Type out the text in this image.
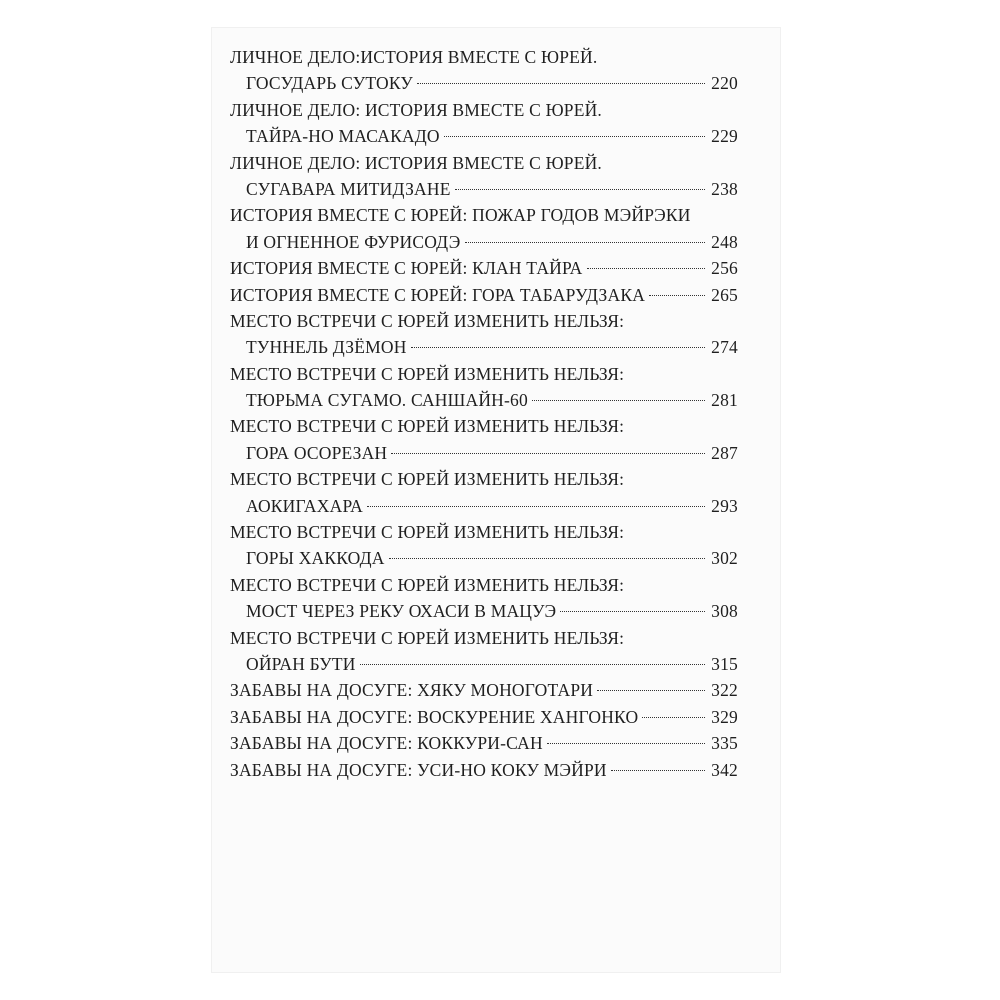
ЛИЧНОЕ ДЕЛО:ИСТОРИЯ ВМЕСТЕ С ЮРЕЙ.
ГОСУДАРЬ СУТОКУ	220
ЛИЧНОЕ ДЕЛО: ИСТОРИЯ ВМЕСТЕ С ЮРЕЙ.
ТАЙРА-НО МАСАКАДО	229
ЛИЧНОЕ ДЕЛО: ИСТОРИЯ ВМЕСТЕ С ЮРЕЙ.
СУГАВАРА МИТИДЗАНЕ	238
ИСТОРИЯ ВМЕСТЕ С ЮРЕЙ: ПОЖАР ГОДОВ МЭЙРЭКИ
И ОГНЕННОЕ ФУРИСОДЭ	248
ИСТОРИЯ ВМЕСТЕ С ЮРЕЙ: КЛАН ТАЙРА	256
ИСТОРИЯ ВМЕСТЕ С ЮРЕЙ: ГОРА ТАБАРУДЗАКА	265
МЕСТО ВСТРЕЧИ С ЮРЕЙ ИЗМЕНИТЬ НЕЛЬЗЯ:
ТУННЕЛЬ ДЗЁМОН	274
МЕСТО ВСТРЕЧИ С ЮРЕЙ ИЗМЕНИТЬ НЕЛЬЗЯ:
ТЮРЬМА СУГАМО. САНШАЙН-60	281
МЕСТО ВСТРЕЧИ С ЮРЕЙ ИЗМЕНИТЬ НЕЛЬЗЯ:
ГОРА ОСОРЕЗАН	287
МЕСТО ВСТРЕЧИ С ЮРЕЙ ИЗМЕНИТЬ НЕЛЬЗЯ:
АОКИГАХАРА	293
МЕСТО ВСТРЕЧИ С ЮРЕЙ ИЗМЕНИТЬ НЕЛЬЗЯ:
ГОРЫ ХАККОДА	302
МЕСТО ВСТРЕЧИ С ЮРЕЙ ИЗМЕНИТЬ НЕЛЬЗЯ:
МОСТ ЧЕРЕЗ РЕКУ ОХАСИ В МАЦУЭ	308
МЕСТО ВСТРЕЧИ С ЮРЕЙ ИЗМЕНИТЬ НЕЛЬЗЯ:
ОЙРАН БУТИ	315
ЗАБАВЫ НА ДОСУГЕ: ХЯКУ МОНОГОТАРИ	322
ЗАБАВЫ НА ДОСУГЕ: ВОСКУРЕНИЕ ХАНГОНКО	329
ЗАБАВЫ НА ДОСУГЕ: КОККУРИ-САН	335
ЗАБАВЫ НА ДОСУГЕ: УСИ-НО КОКУ МЭЙРИ	342
